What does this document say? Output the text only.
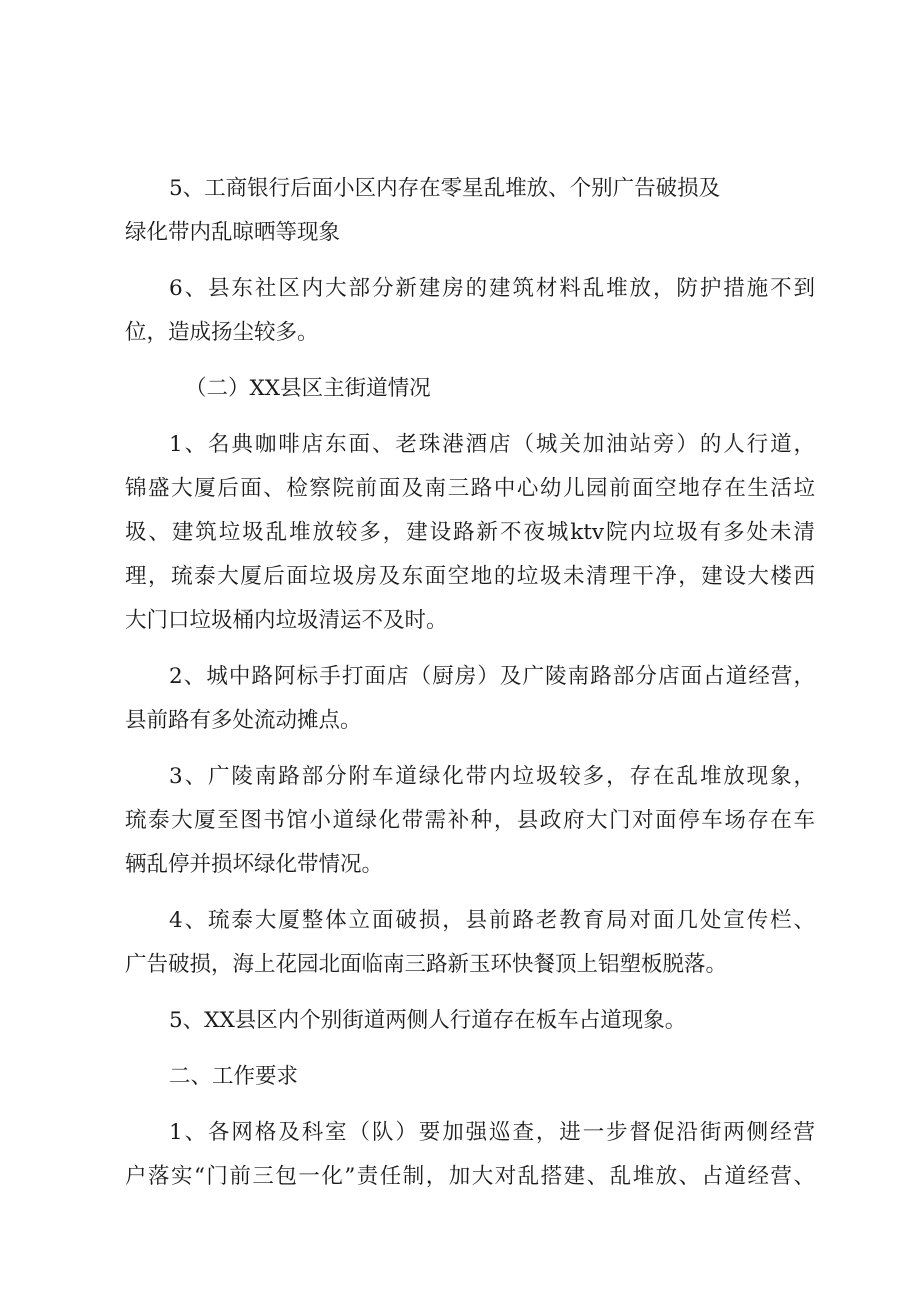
5、工商银行后面小区内存在零星乱堆放、个别广告破损及
绿化带内乱晾晒等现象
6、县东社区内大部分新建房的建筑材料乱堆放，防护措施不到
位，造成扬尘较多。
（二）XX县区主街道情况
1、名典咖啡店东面、老珠港酒店（城关加油站旁）的人行道，
锦盛大厦后面、检察院前面及南三路中心幼儿园前面空地存在生活垃
圾、建筑垃圾乱堆放较多，建设路新不夜城ktv院内垃圾有多处未清
理，琉泰大厦后面垃圾房及东面空地的垃圾未清理干净，建设大楼西
大门口垃圾桶内垃圾清运不及时。
2、城中路阿标手打面店（厨房）及广陵南路部分店面占道经营，
县前路有多处流动摊点。
3、广陵南路部分附车道绿化带内垃圾较多，存在乱堆放现象，
琉泰大厦至图书馆小道绿化带需补种，县政府大门对面停车场存在车
辆乱停并损坏绿化带情况。
4、琉泰大厦整体立面破损，县前路老教育局对面几处宣传栏、
广告破损，海上花园北面临南三路新玉环快餐顶上铝塑板脱落。
5、XX县区内个别街道两侧人行道存在板车占道现象。
二、工作要求
1、各网格及科室（队）要加强巡查，进一步督促沿街两侧经营
户落实“门前三包一化”责任制，加大对乱搭建、乱堆放、占道经营、
